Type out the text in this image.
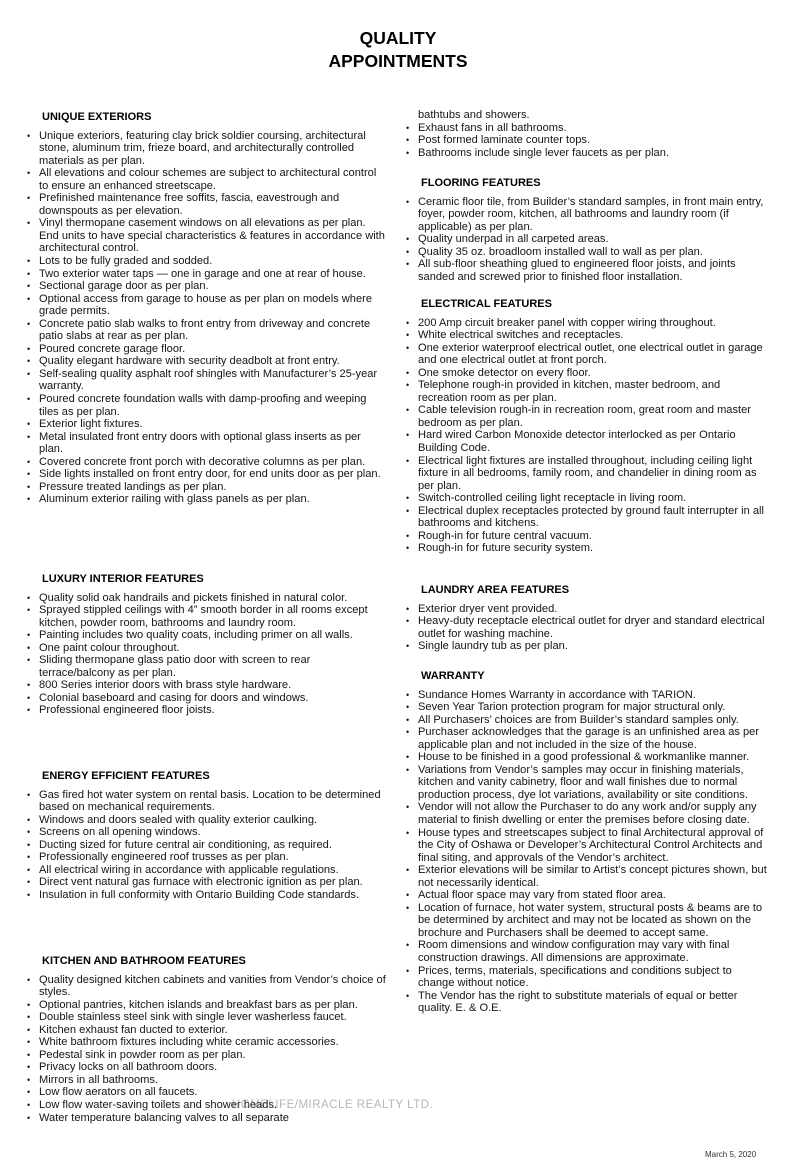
QUALITY
APPOINTMENTS
UNIQUE EXTERIORS
• Unique exteriors, featuring clay brick soldier coursing, architectural stone, aluminum trim, frieze board, and architecturally controlled materials as per plan.
• All elevations and colour schemes are subject to architectural control to ensure an enhanced streetscape.
• Prefinished maintenance free soffits, fascia, eavestrough and downspouts as per elevation.
• Vinyl thermopane casement windows on all elevations as per plan. End units to have special characteristics & features in accordance with architectural control.
• Lots to be fully graded and sodded.
• Two exterior water taps — one in garage and one at rear of house.
• Sectional garage door as per plan.
• Optional access from garage to house as per plan on models where grade permits.
• Concrete patio slab walks to front entry from driveway and concrete patio slabs at rear as per plan.
• Poured concrete garage floor.
• Quality elegant hardware with security deadbolt at front entry.
• Self-sealing quality asphalt roof shingles with Manufacturer’s 25-year warranty.
• Poured concrete foundation walls with damp-proofing and weeping tiles as per plan.
• Exterior light fixtures.
• Metal insulated front entry doors with optional glass inserts as per plan.
• Covered concrete front porch with decorative columns as per plan.
• Side lights installed on front entry door, for end units door as per plan.
• Pressure treated landings as per plan.
• Aluminum exterior railing with glass panels as per plan.
LUXURY INTERIOR FEATURES
• Quality solid oak handrails and pickets finished in natural color.
• Sprayed stippled ceilings with 4” smooth border in all rooms except kitchen, powder room, bathrooms and laundry room.
• Painting includes two quality coats, including primer on all walls.
• One paint colour throughout.
• Sliding thermopane glass patio door with screen to rear terrace/balcony as per plan.
• 800 Series interior doors with brass style hardware.
• Colonial baseboard and casing for doors and windows.
• Professional engineered floor joists.
ENERGY EFFICIENT FEATURES
• Gas fired hot water system on rental basis. Location to be determined based on mechanical requirements.
• Windows and doors sealed with quality exterior caulking.
• Screens on all opening windows.
• Ducting sized for future central air conditioning, as required.
• Professionally engineered roof trusses as per plan.
• All electrical wiring in accordance with applicable regulations.
• Direct vent natural gas furnace with electronic ignition as per plan.
• Insulation in full conformity with Ontario Building Code standards.
KITCHEN AND BATHROOM FEATURES
• Quality designed kitchen cabinets and vanities from Vendor’s choice of styles.
• Optional pantries, kitchen islands and breakfast bars as per plan.
• Double stainless steel sink with single lever washerless faucet.
• Kitchen exhaust fan ducted to exterior.
• White bathroom fixtures including white ceramic accessories.
• Pedestal sink in powder room as per plan.
• Privacy locks on all bathroom doors.
• Mirrors in all bathrooms.
• Low flow aerators on all faucets.
• Low flow water-saving toilets and shower heads.
• Water temperature balancing valves to all separate
bathtubs and showers.
• Exhaust fans in all bathrooms.
• Post formed laminate counter tops.
• Bathrooms include single lever faucets as per plan.
FLOORING FEATURES
• Ceramic floor tile, from Builder’s standard samples, in front main entry, foyer, powder room, kitchen, all bathrooms and laundry room (if applicable) as per plan.
• Quality underpad in all carpeted areas.
• Quality 35 oz. broadloom installed wall to wall as per plan.
• All sub-floor sheathing glued to engineered floor joists, and joints sanded and screwed prior to finished floor installation.
ELECTRICAL FEATURES
• 200 Amp circuit breaker panel with copper wiring throughout.
• White electrical switches and receptacles.
• One exterior waterproof electrical outlet, one electrical outlet in garage and one electrical outlet at front porch.
• One smoke detector on every floor.
• Telephone rough-in provided in kitchen, master bedroom, and recreation room as per plan.
• Cable television rough-in in recreation room, great room and master bedroom as per plan.
• Hard wired Carbon Monoxide detector interlocked as per Ontario Building Code.
• Electrical light fixtures are installed throughout, including ceiling light fixture in all bedrooms, family room, and chandelier in dining room as per plan.
• Switch-controlled ceiling light receptacle in living room.
• Electrical duplex receptacles protected by ground fault interrupter in all bathrooms and kitchens.
• Rough-in for future central vacuum.
• Rough-in for future security system.
LAUNDRY AREA FEATURES
• Exterior dryer vent provided.
• Heavy-duty receptacle electrical outlet for dryer and standard electrical outlet for washing machine.
• Single laundry tub as per plan.
WARRANTY
• Sundance Homes Warranty in accordance with TARION.
• Seven Year Tarion protection program for major structural only.
• All Purchasers’ choices are from Builder’s standard samples only.
• Purchaser acknowledges that the garage is an unfinished area as per applicable plan and not included in the size of the house.
• House to be finished in a good professional & workmanlike manner.
• Variations from Vendor’s samples may occur in finishing materials, kitchen and vanity cabinetry, floor and wall finishes due to normal production process, dye lot variations, availability or site conditions.
• Vendor will not allow the Purchaser to do any work and/or supply any material to finish dwelling or enter the premises before closing date.
• House types and streetscapes subject to final Architectural approval of the City of Oshawa or Developer’s Architectural Control Architects and final siting, and approvals of the Vendor’s architect.
• Exterior elevations will be similar to Artist’s concept pictures shown, but not necessarily identical.
• Actual floor space may vary from stated floor area.
• Location of furnace, hot water system, structural posts & beams are to be determined by architect and may not be located as shown on the brochure and Purchasers shall be deemed to accept same.
• Room dimensions and window configuration may vary with final construction drawings. All dimensions are approximate.
• Prices, terms, materials, specifications and conditions subject to change without notice.
• The Vendor has the right to substitute materials of equal or better quality. E. & O.E.
HOMELIFE/MIRACLE REALTY LTD.
March 5, 2020
